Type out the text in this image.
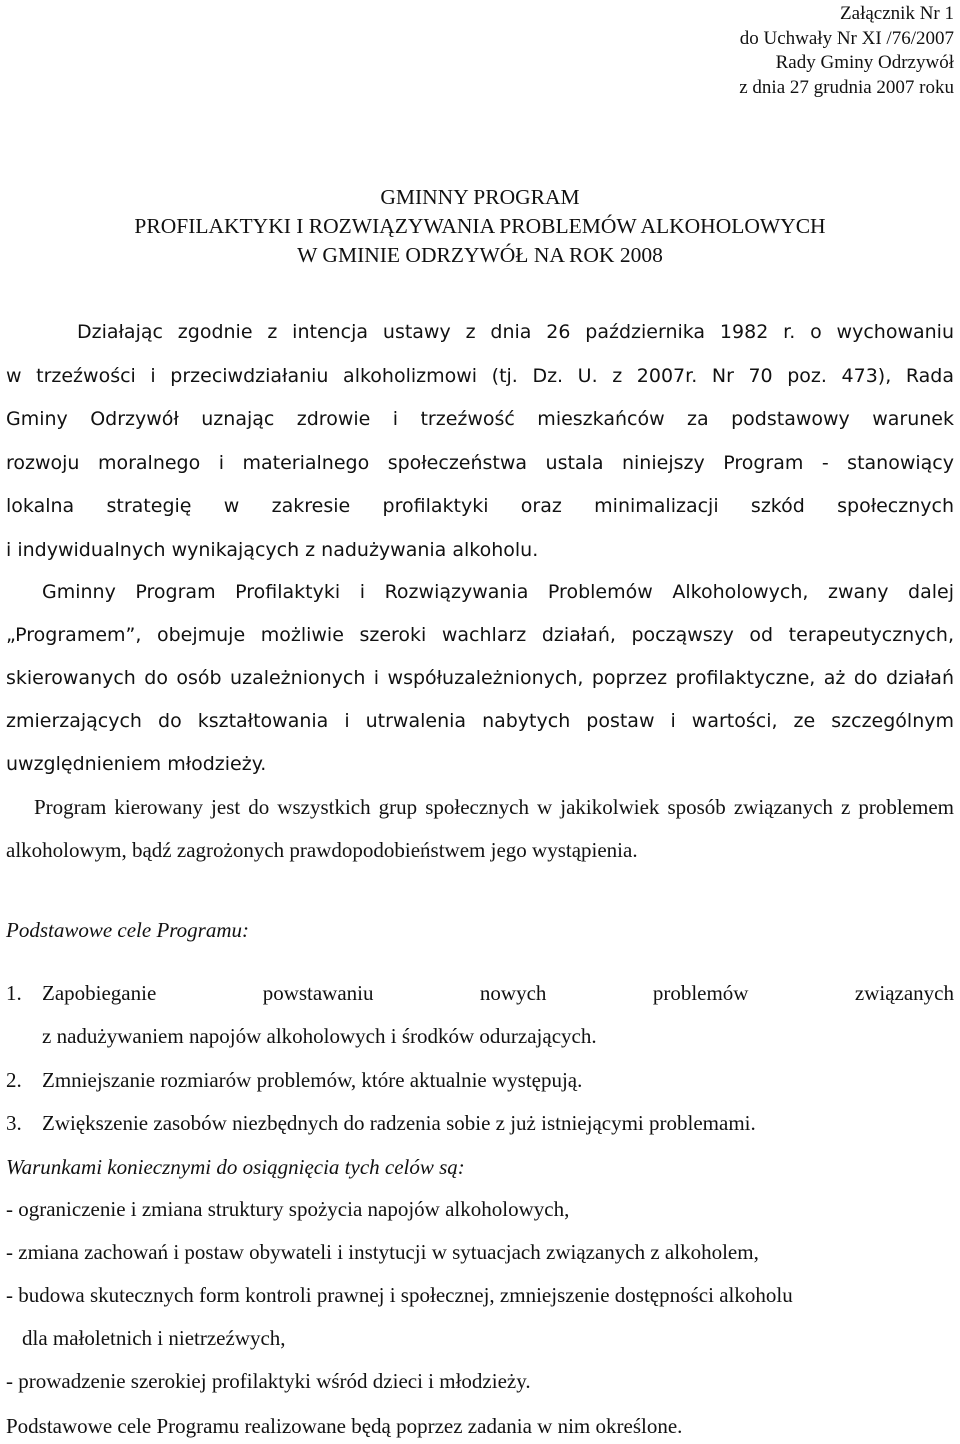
Załącznik Nr 1
do Uchwały Nr XI /76/2007
Rady Gminy Odrzywół
z dnia 27 grudnia 2007 roku
GMINNY PROGRAM
PROFILAKTYKI I ROZWIĄZYWANIA PROBLEMÓW ALKOHOLOWYCH
W GMINIE ODRZYWÓŁ NA ROK 2008
Działając zgodnie z intencja ustawy z dnia 26 października 1982 r. o wychowaniu
w trzeźwości i przeciwdziałaniu alkoholizmowi (tj. Dz. U. z 2007r. Nr 70 poz. 473), Rada
Gminy Odrzywół uznając zdrowie i trzeźwość mieszkańców za podstawowy warunek
rozwoju moralnego i materialnego społeczeństwa ustala niniejszy Program - stanowiący
lokalna strategię w zakresie profilaktyki oraz minimalizacji szkód społecznych
i indywidualnych wynikających z nadużywania alkoholu.
Gminny Program Profilaktyki i Rozwiązywania Problemów Alkoholowych, zwany dalej „Programem”, obejmuje możliwie szeroki wachlarz działań, począwszy od terapeutycznych, skierowanych do osób uzależnionych i współuzależnionych, poprzez profilaktyczne, aż do działań zmierzających do kształtowania i utrwalenia nabytych postaw i wartości, ze szczególnym uwzględnieniem młodzieży.
Program kierowany jest do wszystkich grup społecznych w jakikolwiek sposób związanych z problemem alkoholowym, bądź zagrożonych prawdopodobieństwem jego wystąpienia.
Podstawowe cele Programu:
1. Zapobieganie powstawaniu nowych problemów związanych
z nadużywaniem napojów alkoholowych i środków odurzających.
2. Zmniejszanie rozmiarów problemów, które aktualnie występują.
3. Zwiększenie zasobów niezbędnych do radzenia sobie z już istniejącymi problemami.
Warunkami koniecznymi do osiągnięcia tych celów są:
- ograniczenie i zmiana struktury spożycia napojów alkoholowych,
- zmiana zachowań i postaw obywateli i instytucji w sytuacjach związanych z alkoholem,
- budowa skutecznych form kontroli prawnej i społecznej, zmniejszenie dostępności alkoholu
dla małoletnich i nietrzeźwych,
- prowadzenie szerokiej profilaktyki wśród dzieci i młodzieży.
Podstawowe cele Programu realizowane będą poprzez zadania w nim określone.
